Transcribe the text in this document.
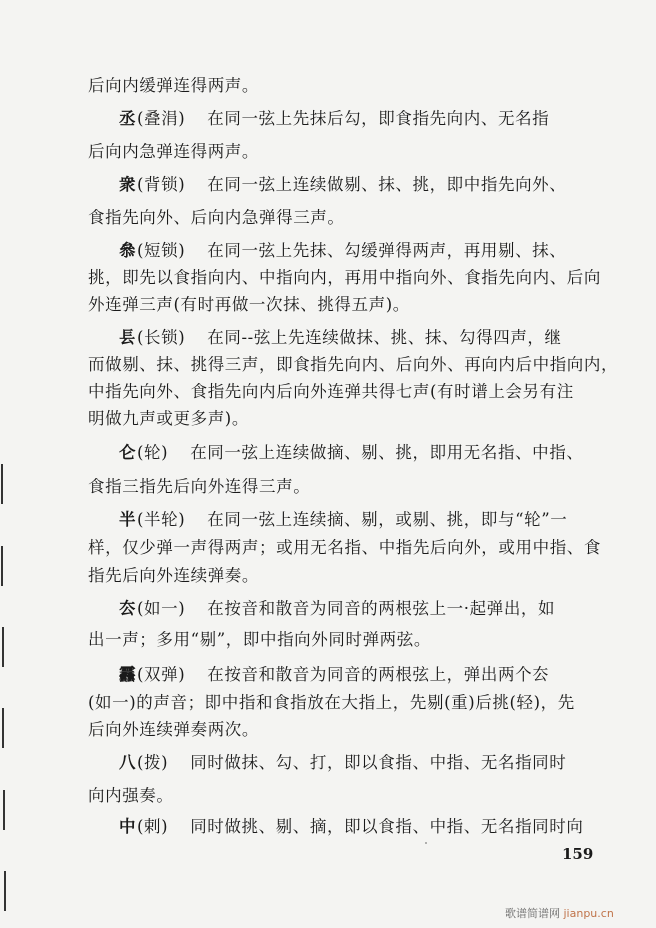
后向内缓弹连得两声。
丞(叠涓) 在同一弦上先抹后勾，即食指先向内、无名指
后向内急弹连得两声。
衆(背锁) 在同一弦上连续做剔、抹、挑，即中指先向外、
食指先向外、后向内急弹得三声。
叅(短锁) 在同一弦上先抹、勾缓弹得两声，再用剔、抹、
挑，即先以食指向内、中指向内，再用中指向外、食指先向内、后向
外连弹三声(有时再做一次抹、挑得五声)。
镸(长锁) 在同--弦上先连续做抹、挑、抹、勾得四声，继
而做剔、抹、挑得三声，即食指先向内、后向外、再向内后中指向内，
中指先向外、食指先向内后向外连弹共得七声(有时谱上会另有注
明做九声或更多声)。
仑(轮) 在同一弦上连续做摘、剔、挑，即用无名指、中指、
食指三指先后向外连得三声。
半(半轮) 在同一弦上连续摘、剔，或剔、挑，即与“轮”一
样，仅少弹一声得两声；或用无名指、中指先后向外，或用中指、食
指先后向外连续弹奏。
厺(如一) 在按音和散音为同音的两根弦上一·起弹出，如
出一声；多用“剔”，即中指向外同时弹两弦。
䨺(双弹) 在按音和散音为同音的两根弦上，弹出两个厺
(如一)的声音；即中指和食指放在大指上，先剔(重)后挑(轻)，先
后向外连续弹奏两次。
八(拨) 同时做抹、勾、打，即以食指、中指、无名指同时
向内强奏。
中(剌) 同时做挑、剔、摘，即以食指、中指、无名指同时向
159
歌谱简谱网 jianpu.cn
